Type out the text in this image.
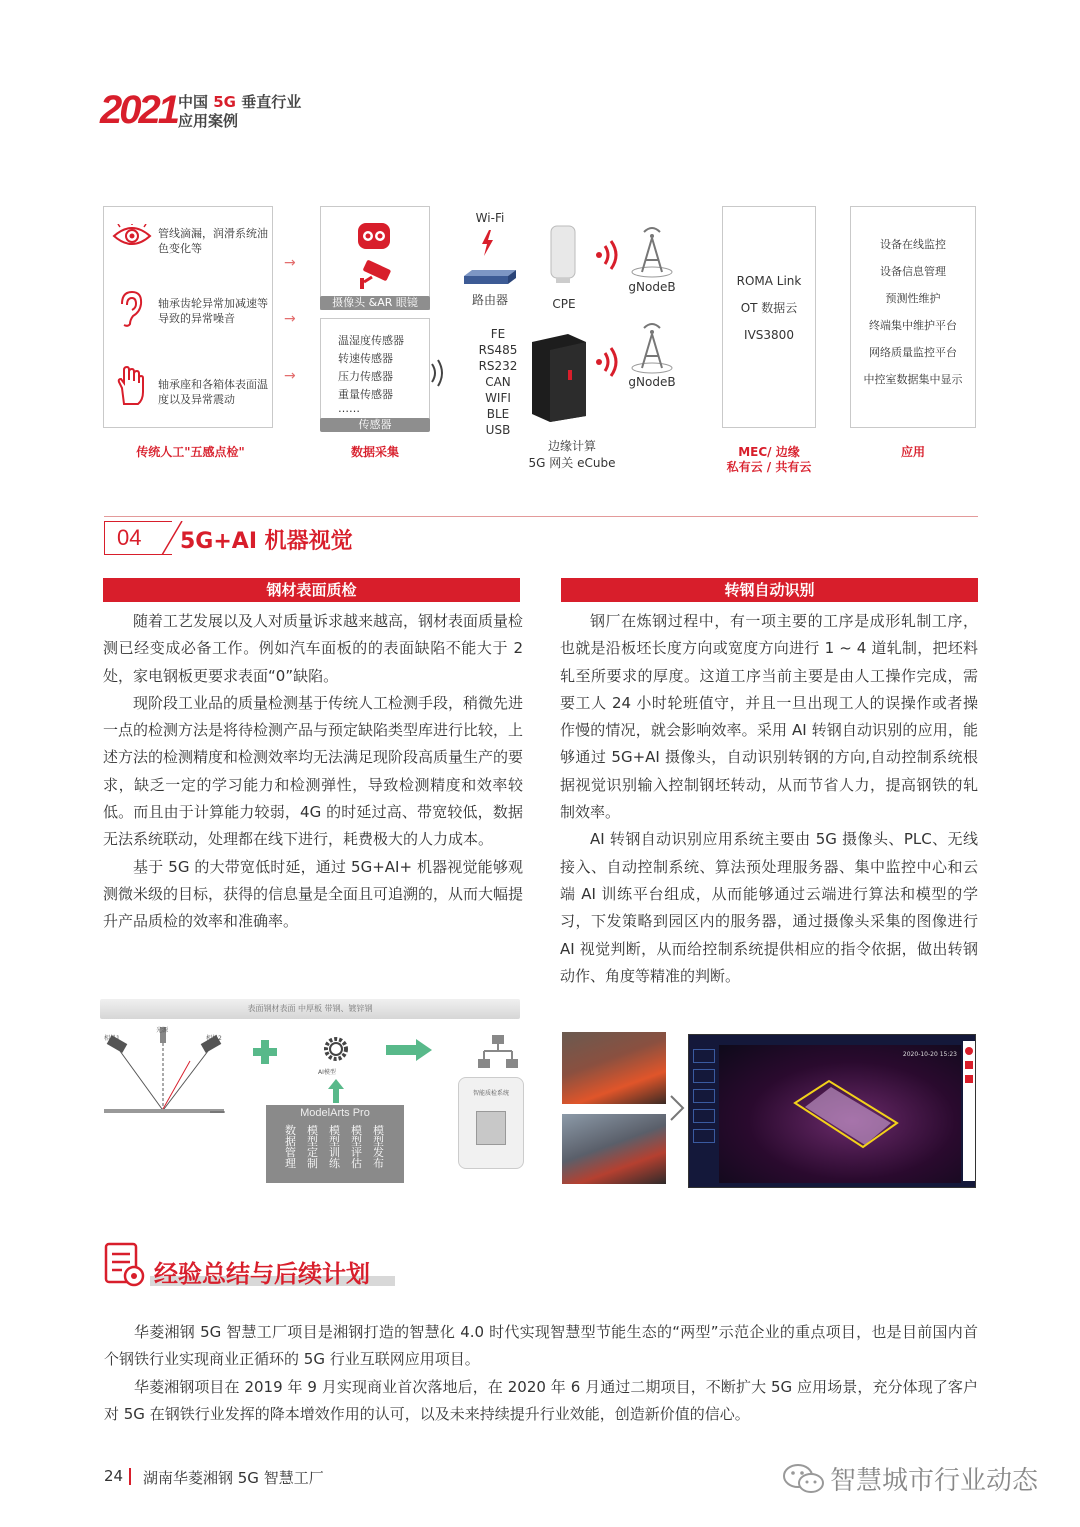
2021 中国 5G 垂直行业
应用案例
管线滴漏，润滑系统油色变化等
轴承齿轮异常加减速等导致的异常噪音
轴承座和各箱体表面温度以及异常震动
传统人工"五感点检"
→
→
→
摄像头 &AR 眼镜
温湿度传感器
转速传感器
压力传感器
重量传感器
……
传感器
数据采集
Wi-Fi
路由器
FE
RS485
RS232
CAN
WIFI
BLE
USB
CPE
边缘计算
5G 网关 eCube
gNodeB
gNodeB
ROMA Link
OT 数据云
IVS3800
MEC/ 边缘
私有云 / 共有云
设备在线监控
设备信息管理
预测性维护
终端集中维护平台
网络质量监控平台
中控室数据集中显示
应用
04	5G+AI 机器视觉
钢材表面质检

随着工艺发展以及人对质量诉求越来越高，钢材表面质量检测已经变成必备工作。例如汽车面板的的表面缺陷不能大于 2 处，家电钢板更要求表面“0”缺陷。

现阶段工业品的质量检测基于传统人工检测手段，稍微先进一点的检测方法是将待检测产品与预定缺陷类型库进行比较，上述方法的检测精度和检测效率均无法满足现阶段高质量生产的要求，缺乏一定的学习能力和检测弹性，导致检测精度和效率较低。而且由于计算能力较弱，4G 的时延过高、带宽较低，数据无法系统联动，处理都在线下进行，耗费极大的人力成本。

基于 5G 的大带宽低时延，通过 5G+AI+ 机器视觉能够观测微米级的目标，获得的信息量是全面且可追溯的，从而大幅提升产品质检的效率和准确率。

转钢自动识别

钢厂在炼钢过程中，有一项主要的工序是成形轧制工序，也就是沿板坯长度方向或宽度方向进行 1 ~ 4 道轧制，把坯料轧至所要求的厚度。这道工序当前主要是由人工操作完成，需要工人 24 小时轮班值守，并且一旦出现工人的误操作或者操作慢的情况，就会影响效率。采用 AI 转钢自动识别的应用，能够通过 5G+AI 摄像头，自动识别转钢的方向,自动控制系统根据视觉识别输入控制钢坯转动，从而节省人力，提高钢铁的轧制效率。

AI 转钢自动识别应用系统主要由 5G 摄像头、PLC、无线接入、自动控制系统、算法预处理服务器、集中监控中心和云端 AI 训练平台组成，从而能够通过云端进行算法和模型的学习，下发策略到园区内的服务器，通过摄像头采集的图像进行 AI 视觉判断，从而给控制系统提供相应的指令依据，做出转钢动作、角度等精准的判断。

表面钢材表面 中厚板 带钢、镀锌钢
光源
相机1	相机2
AI模型
ModelArts Pro
数据管理
模型定制
模型训练
模型评估
模型发布
智能质检系统
2020-10-20 15:23
经验总结与后续计划

华菱湘钢 5G 智慧工厂项目是湘钢打造的智慧化 4.0 时代实现智慧型节能生态的“两型”示范企业的重点项目，也是目前国内首个钢铁行业实现商业正循环的 5G 行业互联网应用项目。

华菱湘钢项目在 2019 年 9 月实现商业首次落地后，在 2020 年 6 月通过二期项目，不断扩大 5G 应用场景，充分体现了客户对 5G 在钢铁行业发挥的降本增效作用的认可，以及未来持续提升行业效能，创造新价值的信心。

24 湖南华菱湘钢 5G 智慧工厂	智慧城市行业动态
